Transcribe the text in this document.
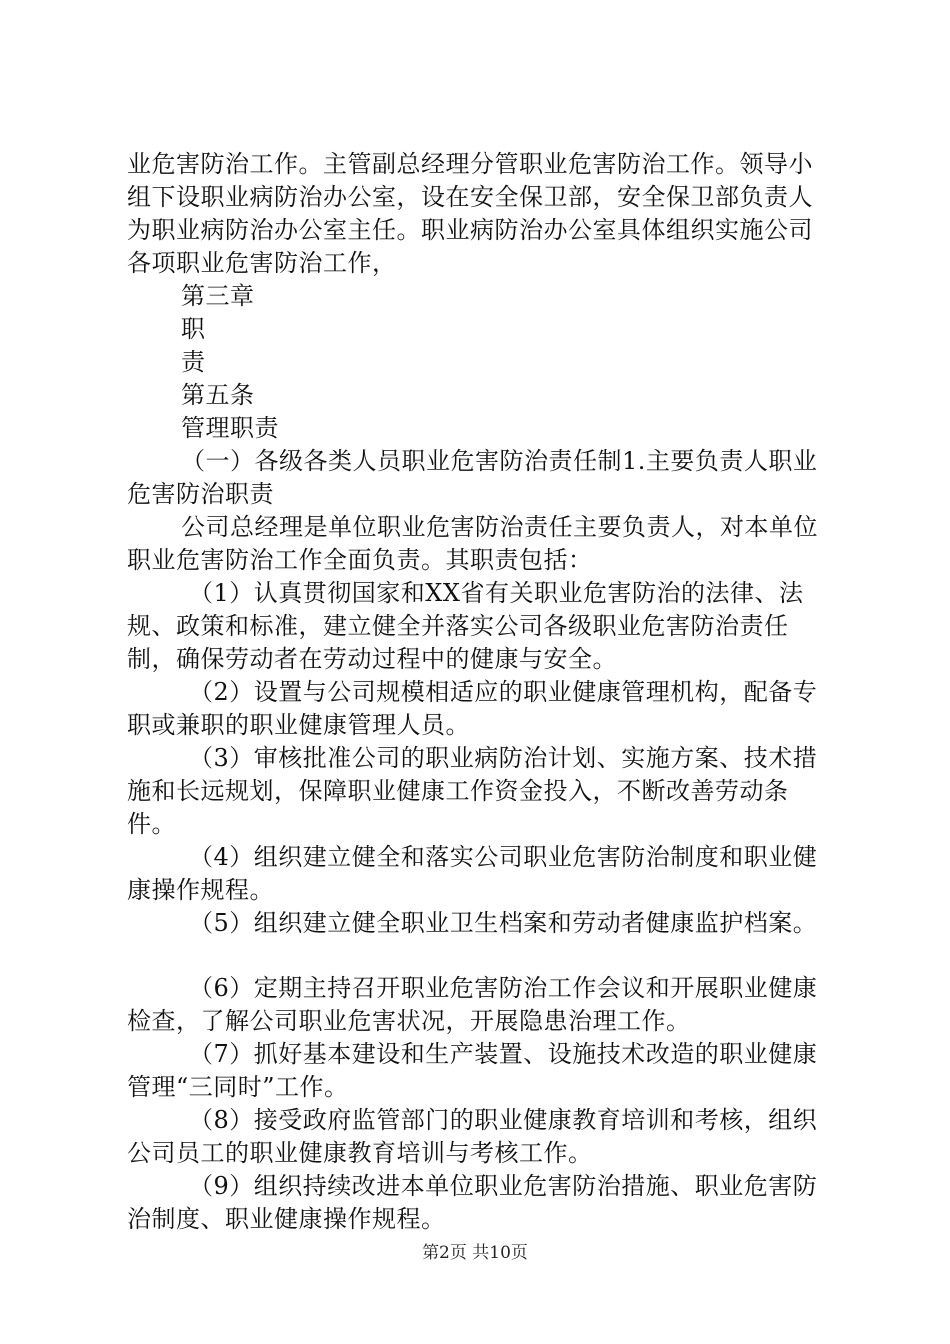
业危害防治工作。主管副总经理分管职业危害防治工作。领导小组下设职业病防治办公室，设在安全保卫部，安全保卫部负责人为职业病防治办公室主任。职业病防治办公室具体组织实施公司各项职业危害防治工作，

第三章

职

责

第五条

管理职责

（一）各级各类人员职业危害防治责任制1.主要负责人职业危害防治职责

公司总经理是单位职业危害防治责任主要负责人，对本单位职业危害防治工作全面负责。其职责包括：

（1）认真贯彻国家和XX省有关职业危害防治的法律、法规、政策和标准，建立健全并落实公司各级职业危害防治责任制，确保劳动者在劳动过程中的健康与安全。

（2）设置与公司规模相适应的职业健康管理机构，配备专职或兼职的职业健康管理人员。

（3）审核批准公司的职业病防治计划、实施方案、技术措施和长远规划，保障职业健康工作资金投入，不断改善劳动条件。

（4）组织建立健全和落实公司职业危害防治制度和职业健康操作规程。

（5）组织建立健全职业卫生档案和劳动者健康监护档案。

（6）定期主持召开职业危害防治工作会议和开展职业健康检查，了解公司职业危害状况，开展隐患治理工作。

（7）抓好基本建设和生产装置、设施技术改造的职业健康管理“三同时”工作。

（8）接受政府监管部门的职业健康教育培训和考核，组织公司员工的职业健康教育培训与考核工作。

（9）组织持续改进本单位职业危害防治措施、职业危害防治制度、职业健康操作规程。

第2页 共10页
